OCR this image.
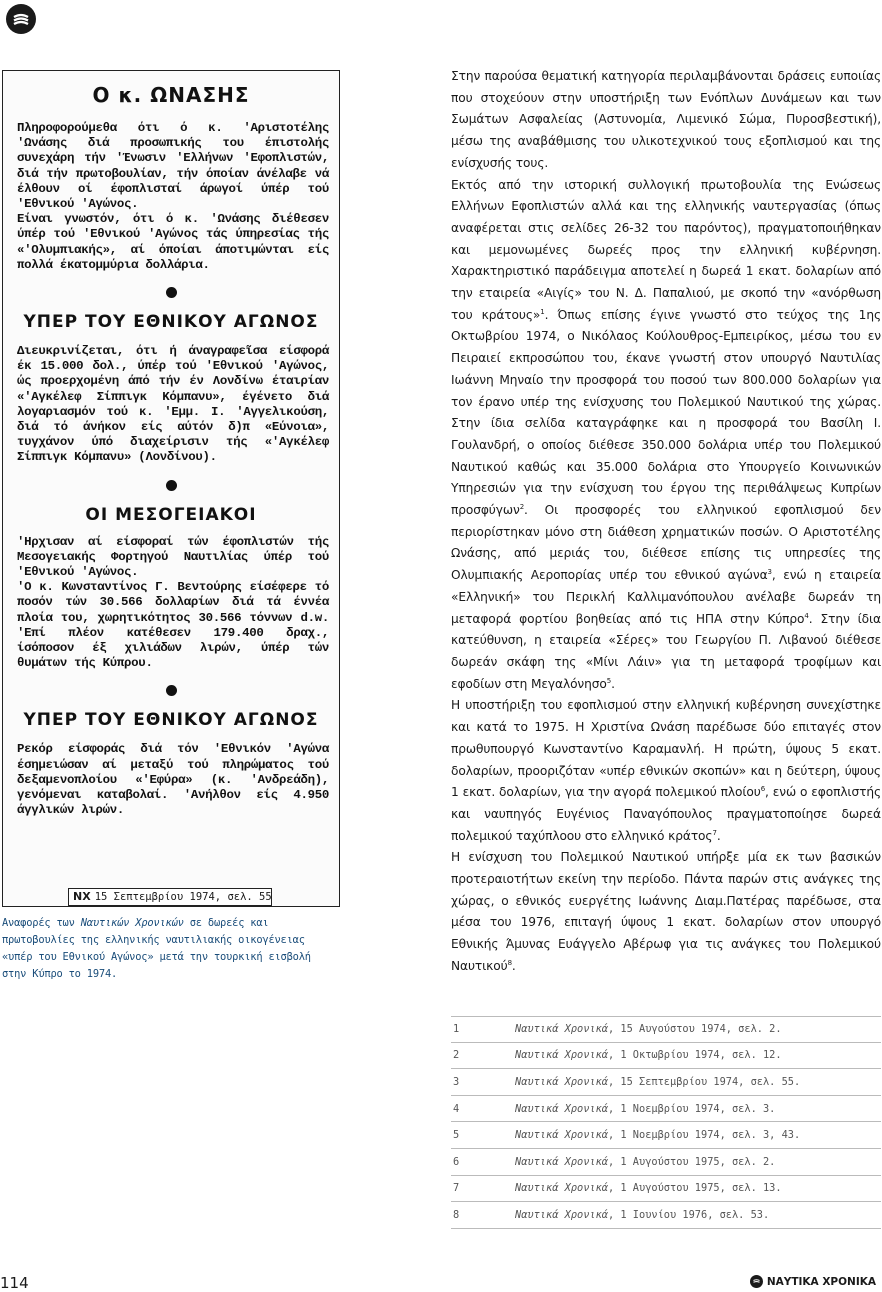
Ο κ. ΩΝΑΣΗΣ

Πληροφορούμεθα ότι ό κ. 'Αριστοτέλης 'Ωνάσης διά προσωπικής του έπιστολής συνεχάρη τήν 'Ένωσιν 'Ελλήνων 'Εφοπλιστών, διά τήν πρωτοβουλίαν, τήν όποίαν άνέλαβε νά έλθουν οί έφοπλισταί άρωγοί ύπέρ τού 'Εθνικού 'Αγώνος.
Είναι γνωστόν, ότι ό κ. 'Ωνάσης διέθεσεν ύπέρ τού 'Εθνικού 'Αγώνος τάς ύπηρεσίας τής «'Ολυμπιακής», αί όποίαι άποτιμώνται είς πολλά έκατομμύρια δολλάρια.

ΥΠΕΡ ΤΟΥ ΕΘΝΙΚΟΥ ΑΓΩΝΟΣ

Διευκρινίζεται, ότι ή άναγραφεῖσα είσφορά έκ 15.000 δολ., ύπέρ τού 'Εθνικού 'Αγώνος, ώς προερχομένη άπό τήν έν Λονδίνω έταιρίαν «'Αγκέλεφ Σίππιγκ Κόμπανυ», έγένετο διά λογαριασμόν τού κ. 'Εμμ. Ι. 'Αγγελικούση, διά τό άνήκον είς αύτόν δ)π «Εύνοια», τυγχάνον ύπό διαχείρισιν τής «'Αγκέλεφ Σίππιγκ Κόμπανυ» (Λονδίνου).

ΟΙ ΜΕΣΟΓΕΙΑΚΟΙ

'Ηρχισαν αί είσφοραί τών έφοπλιστών τής Μεσογειακής Φορτηγού Ναυτιλίας ύπέρ τού 'Εθνικού 'Αγώνος.
'Ο κ. Κωνσταντίνος Γ. Βεντούρης είσέφερε τό ποσόν τών 30.566 δολλαρίων διά τά έννέα πλοία του, χωρητικότητος 30.566 τόννων d.w. 'Επί πλέον κατέθεσεν 179.400 δραχ., ίσόποσον έξ χιλιάδων λιρών, ύπέρ τών θυμάτων τής Κύπρου.

ΥΠΕΡ ΤΟΥ ΕΘΝΙΚΟΥ ΑΓΩΝΟΣ

Ρεκόρ είσφοράς διά τόν 'Εθνικόν 'Αγώνα έσημειώσαν αί μεταξύ τού πληρώματος τού δεξαμενοπλοίου «'Εφύρα» (κ. 'Ανδρεάδη), γενόμεναι καταβολαί. 'Ανήλθον είς 4.950 άγγλικών λιρών.

ΝΧ 15 Σεπτεμβρίου 1974, σελ. 55

Αναφορές των Ναυτικών Χρονικών σε δωρεές και πρωτοβουλίες της ελληνικής ναυτιλιακής οικογένειας «υπέρ του Εθνικού Αγώνος» μετά την τουρκική εισβολή στην Κύπρο το 1974.

Στην παρούσα θεματική κατηγορία περιλαμβάνονται δράσεις ευποιίας που στοχεύουν στην υποστήριξη των Ενόπλων Δυνάμεων και των Σωμάτων Ασφαλείας (Αστυνομία, Λιμενικό Σώμα, Πυροσβεστική), μέσω της αναβάθμισης του υλικοτεχνικού τους εξοπλισμού και της ενίσχυσής τους.

Εκτός από την ιστορική συλλογική πρωτοβουλία της Ενώσεως Ελλήνων Εφοπλιστών αλλά και της ελληνικής ναυτεργασίας (όπως αναφέρεται στις σελίδες 26-32 του παρόντος), πραγματοποιήθηκαν και μεμονωμένες δωρεές προς την ελληνική κυβέρνηση. Χαρακτηριστικό παράδειγμα αποτελεί η δωρεά 1 εκατ. δολαρίων από την εταιρεία «Αιγίς» του Ν. Δ. Παπαλιού, με σκοπό την «ανόρθωση του κράτους»$^1$. Όπως επίσης έγινε γνωστό στο τεύχος της 1ης Οκτωβρίου 1974, ο Νικόλαος Κούλουθρος-Εμπειρίκος, μέσω του εν Πειραιεί εκπροσώπου του, έκανε γνωστή στον υπουργό Ναυτιλίας Ιωάννη Μηναίο την προσφορά του ποσού των 800.000 δολαρίων για τον έρανο υπέρ της ενίσχυσης του Πολεμικού Ναυτικού της χώρας. Στην ίδια σελίδα καταγράφηκε και η προσφορά του Βασίλη Ι. Γουλανδρή, ο οποίος διέθεσε 350.000 δολάρια υπέρ του Πολεμικού Ναυτικού καθώς και 35.000 δολάρια στο Υπουργείο Κοινωνικών Υπηρεσιών για την ενίσχυση του έργου της περιθάλψεως Κυπρίων προσφύγων$^2$. Οι προσφορές του ελληνικού εφοπλισμού δεν περιορίστηκαν μόνο στη διάθεση χρηματικών ποσών. Ο Αριστοτέλης Ωνάσης, από μεριάς του, διέθεσε επίσης τις υπηρεσίες της Ολυμπιακής Αεροπορίας υπέρ του εθνικού αγώνα$^3$, ενώ η εταιρεία «Ελληνική» του Περικλή Καλλιμανόπουλου ανέλαβε δωρεάν τη μεταφορά φορτίου βοηθείας από τις ΗΠΑ στην Κύπρο$^4$. Στην ίδια κατεύθυνση, η εταιρεία «Σέρες» του Γεωργίου Π. Λιβανού διέθεσε δωρεάν σκάφη της «Μίνι Λάιν» για τη μεταφορά τροφίμων και εφοδίων στη Μεγαλόνησο$^5$.

Η υποστήριξη του εφοπλισμού στην ελληνική κυβέρνηση συνεχίστηκε και κατά το 1975. Η Χριστίνα Ωνάση παρέδωσε δύο επιταγές στον πρωθυπουργό Κωνσταντίνο Καραμανλή. Η πρώτη, ύψους 5 εκατ. δολαρίων, προοριζόταν «υπέρ εθνικών σκοπών» και η δεύτερη, ύψους 1 εκατ. δολαρίων, για την αγορά πολεμικού πλοίου$^6$, ενώ ο εφοπλιστής και ναυπηγός Ευγένιος Παναγόπουλος πραγματοποίησε δωρεά πολεμικού ταχύπλοου στο ελληνικό κράτος$^7$.

Η ενίσχυση του Πολεμικού Ναυτικού υπήρξε μία εκ των βασικών προτεραιοτήτων εκείνη την περίοδο. Πάντα παρών στις ανάγκες της χώρας, ο εθνικός ευεργέτης Ιωάννης Διαμ.Πατέρας παρέδωσε, στα μέσα του 1976, επιταγή ύψους 1 εκατ. δολαρίων στον υπουργό Εθνικής Άμυνας Ευάγγελο Αβέρωφ για τις ανάγκες του Πολεμικού Ναυτικού$^8$.

1	Ναυτικά Χρονικά, 15 Αυγούστου 1974, σελ. 2.
2	Ναυτικά Χρονικά, 1 Οκτωβρίου 1974, σελ. 12.
3	Ναυτικά Χρονικά, 15 Σεπτεμβρίου 1974, σελ. 55.
4	Ναυτικά Χρονικά, 1 Νοεμβρίου 1974, σελ. 3.
5	Ναυτικά Χρονικά, 1 Νοεμβρίου 1974, σελ. 3, 43.
6	Ναυτικά Χρονικά, 1 Αυγούστου 1975, σελ. 2.
7	Ναυτικά Χρονικά, 1 Αυγούστου 1975, σελ. 13.
8	Ναυτικά Χρονικά, 1 Ιουνίου 1976, σελ. 53.

114	ΝΑΥΤΙΚΑ ΧΡΟΝΙΚΑ
